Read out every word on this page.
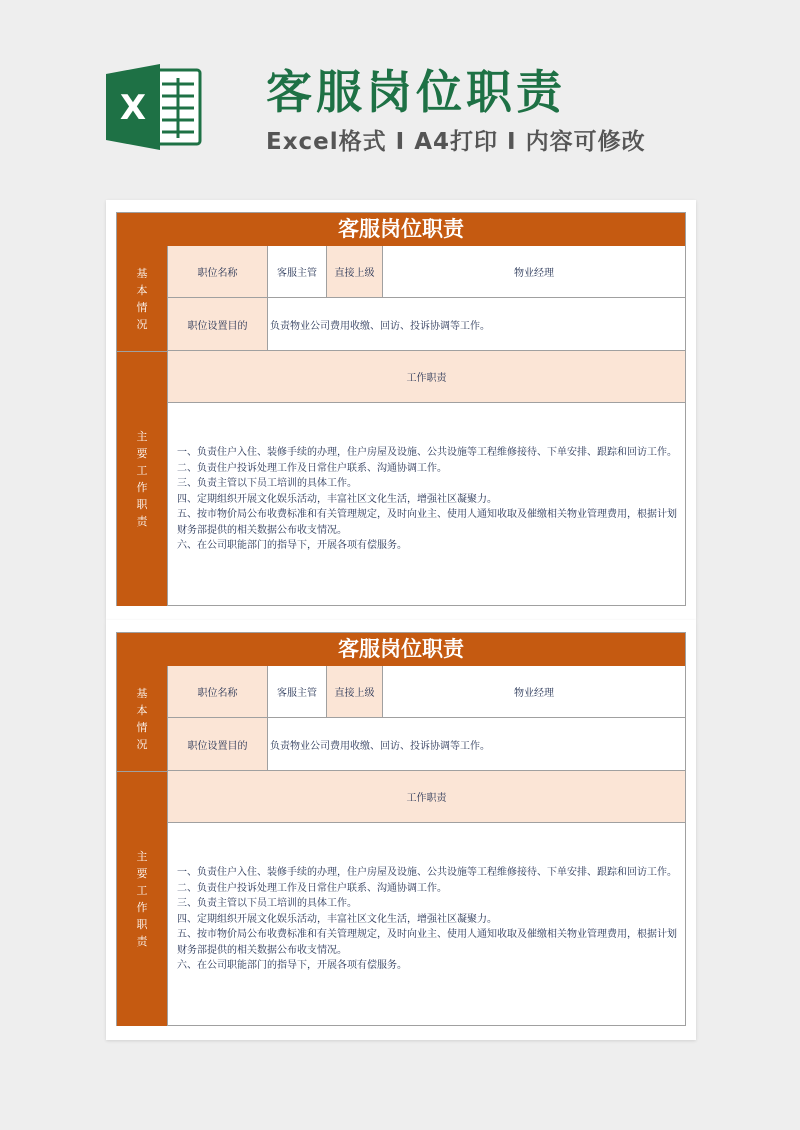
X	客服岗位职责
Excel格式 Ι A4打印 Ι 内容可修改
客服岗位职责
基本情况
职位名称	客服主管	直接上级	物业经理
职位设置目的	负责物业公司费用收缴、回访、投诉协调等工作。
主要工作职责
工作职责
一、负责住户入住、装修手续的办理，住户房屋及设施、公共设施等工程维修接待、下单安排、跟踪和回访工作。
二、负责住户投诉处理工作及日常住户联系、沟通协调工作。
三、负责主管以下员工培训的具体工作。
四、定期组织开展文化娱乐活动，丰富社区文化生活，增强社区凝聚力。
五、按市物价局公布收费标准和有关管理规定，及时向业主、使用人通知收取及催缴相关物业管理费用，根据计划财务部提供的相关数据公布收支情况。
六、在公司职能部门的指导下，开展各项有偿服务。
客服岗位职责
基本情况
职位名称	客服主管	直接上级	物业经理
职位设置目的	负责物业公司费用收缴、回访、投诉协调等工作。
主要工作职责
工作职责
一、负责住户入住、装修手续的办理，住户房屋及设施、公共设施等工程维修接待、下单安排、跟踪和回访工作。
二、负责住户投诉处理工作及日常住户联系、沟通协调工作。
三、负责主管以下员工培训的具体工作。
四、定期组织开展文化娱乐活动，丰富社区文化生活，增强社区凝聚力。
五、按市物价局公布收费标准和有关管理规定，及时向业主、使用人通知收取及催缴相关物业管理费用，根据计划财务部提供的相关数据公布收支情况。
六、在公司职能部门的指导下，开展各项有偿服务。
